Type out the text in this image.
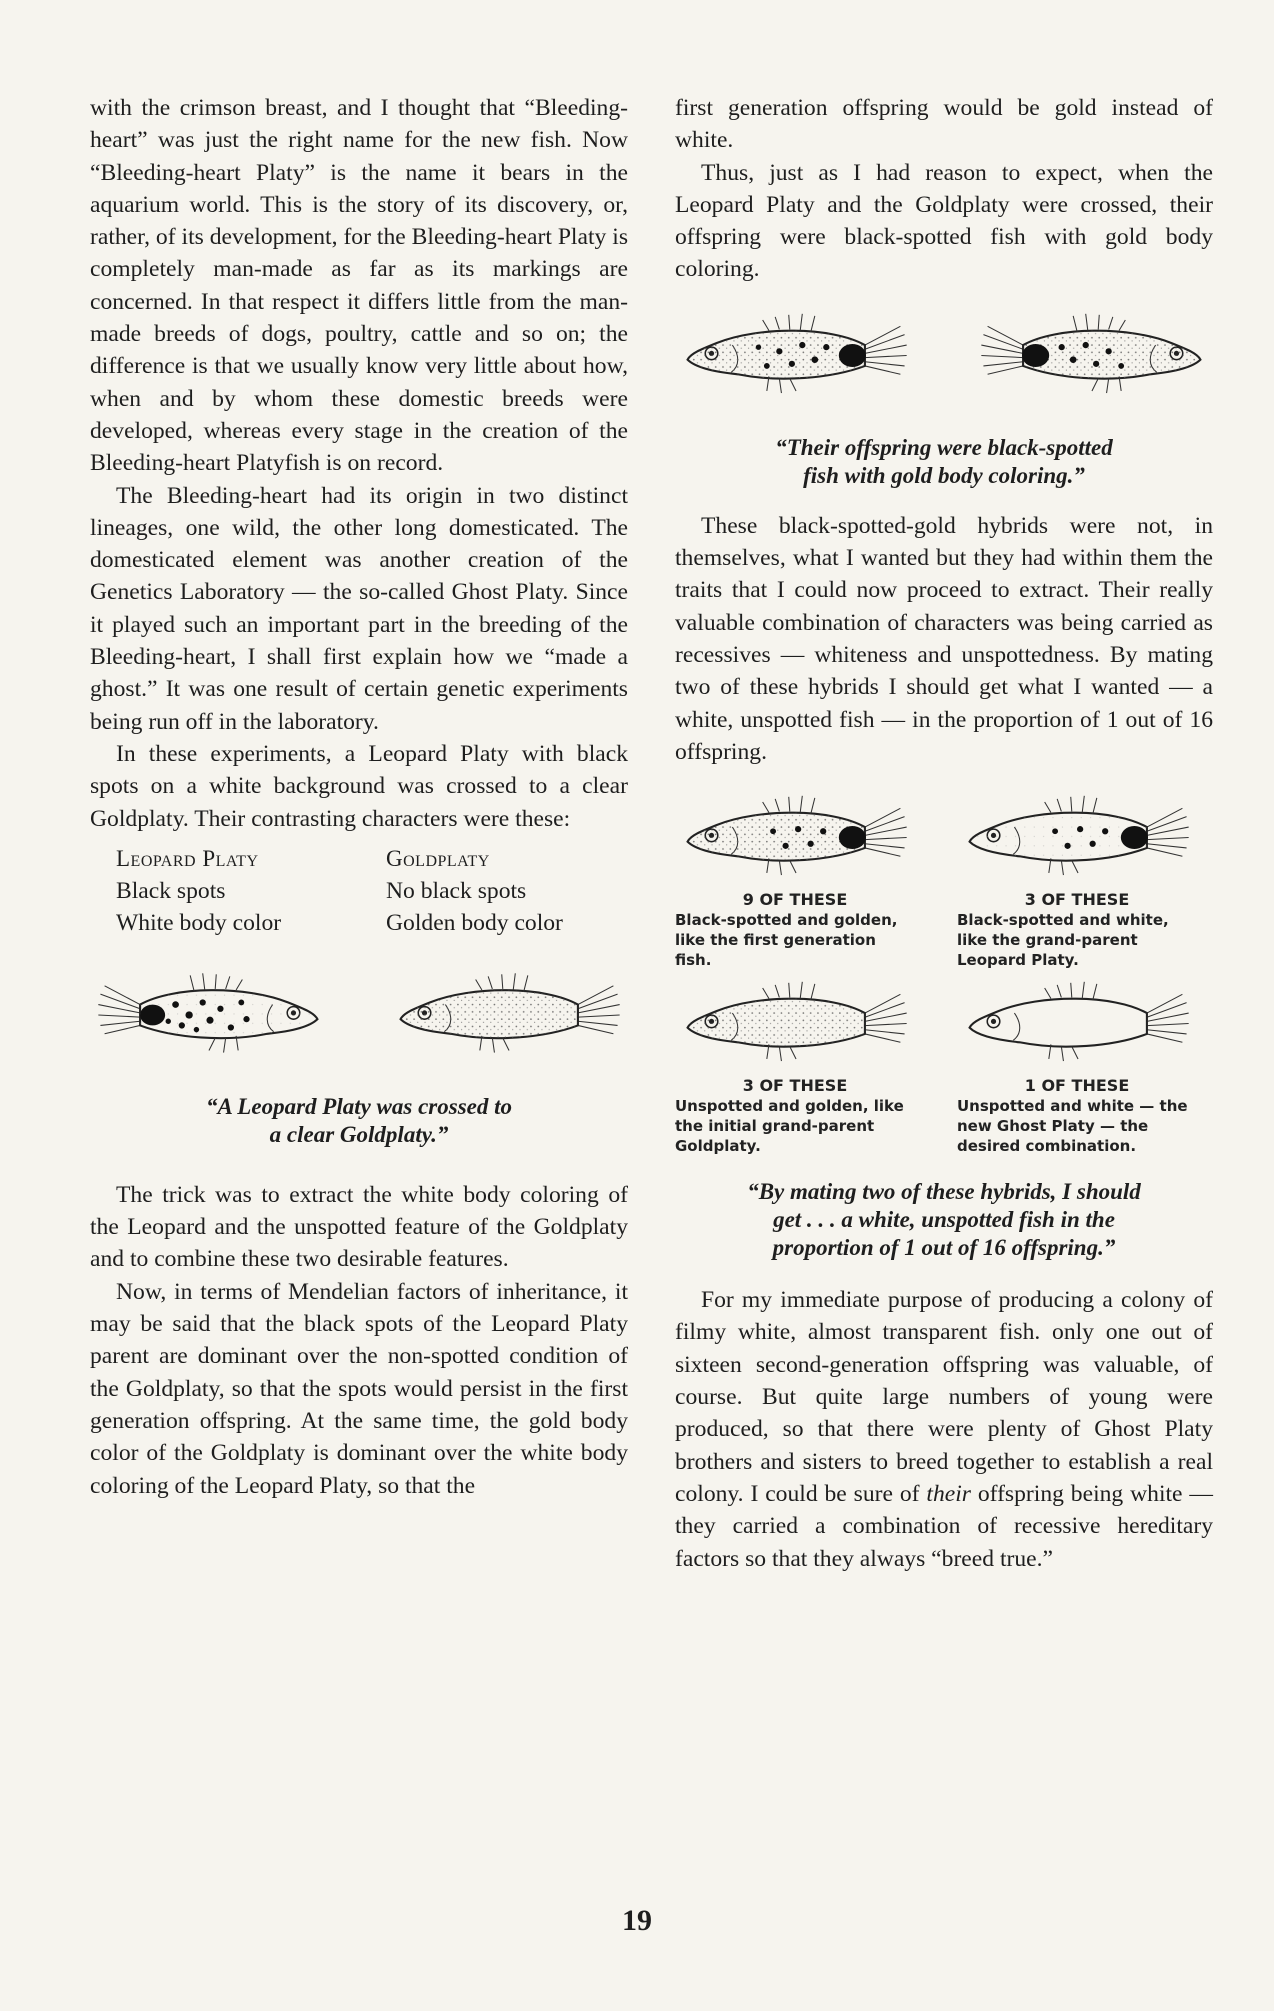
with the crimson breast, and I thought that “Bleeding-heart” was just the right name for the new fish. Now “Bleeding-heart Platy” is the name it bears in the aquarium world. This is the story of its discovery, or, rather, of its development, for the Bleeding-heart Platy is completely man-made as far as its markings are concerned. In that respect it differs little from the man-made breeds of dogs, poultry, cattle and so on; the difference is that we usually know very little about how, when and by whom these domestic breeds were developed, whereas every stage in the creation of the Bleeding-heart Platyfish is on record.

The Bleeding-heart had its origin in two distinct lineages, one wild, the other long domesticated. The domesticated element was another creation of the Genetics Laboratory — the so-called Ghost Platy. Since it played such an important part in the breeding of the Bleeding-heart, I shall first explain how we “made a ghost.” It was one result of certain genetic experiments being run off in the laboratory.

In these experiments, a Leopard Platy with black spots on a white background was crossed to a clear Goldplaty. Their contrasting characters were these:

Leopard Platy	Goldplaty
Black spots	No black spots
White body color	Golden body color

“A Leopard Platy was crossed to

a clear Goldplaty.”

The trick was to extract the white body coloring of the Leopard and the unspotted feature of the Goldplaty and to combine these two desirable features.

Now, in terms of Mendelian factors of inheritance, it may be said that the black spots of the Leopard Platy parent are dominant over the non-spotted condition of the Goldplaty, so that the spots would persist in the first generation offspring. At the same time, the gold body color of the Goldplaty is dominant over the white body coloring of the Leopard Platy, so that the

first generation offspring would be gold instead of white.

Thus, just as I had reason to expect, when the Leopard Platy and the Goldplaty were crossed, their offspring were black-spotted fish with gold body coloring.

“Their offspring were black-spotted

fish with gold body coloring.”

These black-spotted-gold hybrids were not, in themselves, what I wanted but they had within them the traits that I could now proceed to extract. Their really valuable combination of characters was being carried as recessives — whiteness and unspottedness. By mating two of these hybrids I should get what I wanted — a white, unspotted fish — in the proportion of 1 out of 16 offspring.

9 OF THESE
Black-spotted and golden, like the first generation fish.
3 OF THESE
Black-spotted and white, like the grand-parent Leopard Platy.
3 OF THESE
Unspotted and golden, like the initial grand-parent Goldplaty.
1 OF THESE
Unspotted and white — the new Ghost Platy — the desired combination.

“By mating two of these hybrids, I should

get . . . a white, unspotted fish in the

proportion of 1 out of 16 offspring.”

For my immediate purpose of producing a colony of filmy white, almost transparent fish. only one out of sixteen second-generation offspring was valuable, of course. But quite large numbers of young were produced, so that there were plenty of Ghost Platy brothers and sisters to breed together to establish a real colony. I could be sure of their offspring being white — they carried a combination of recessive hereditary factors so that they always “breed true.”

19
